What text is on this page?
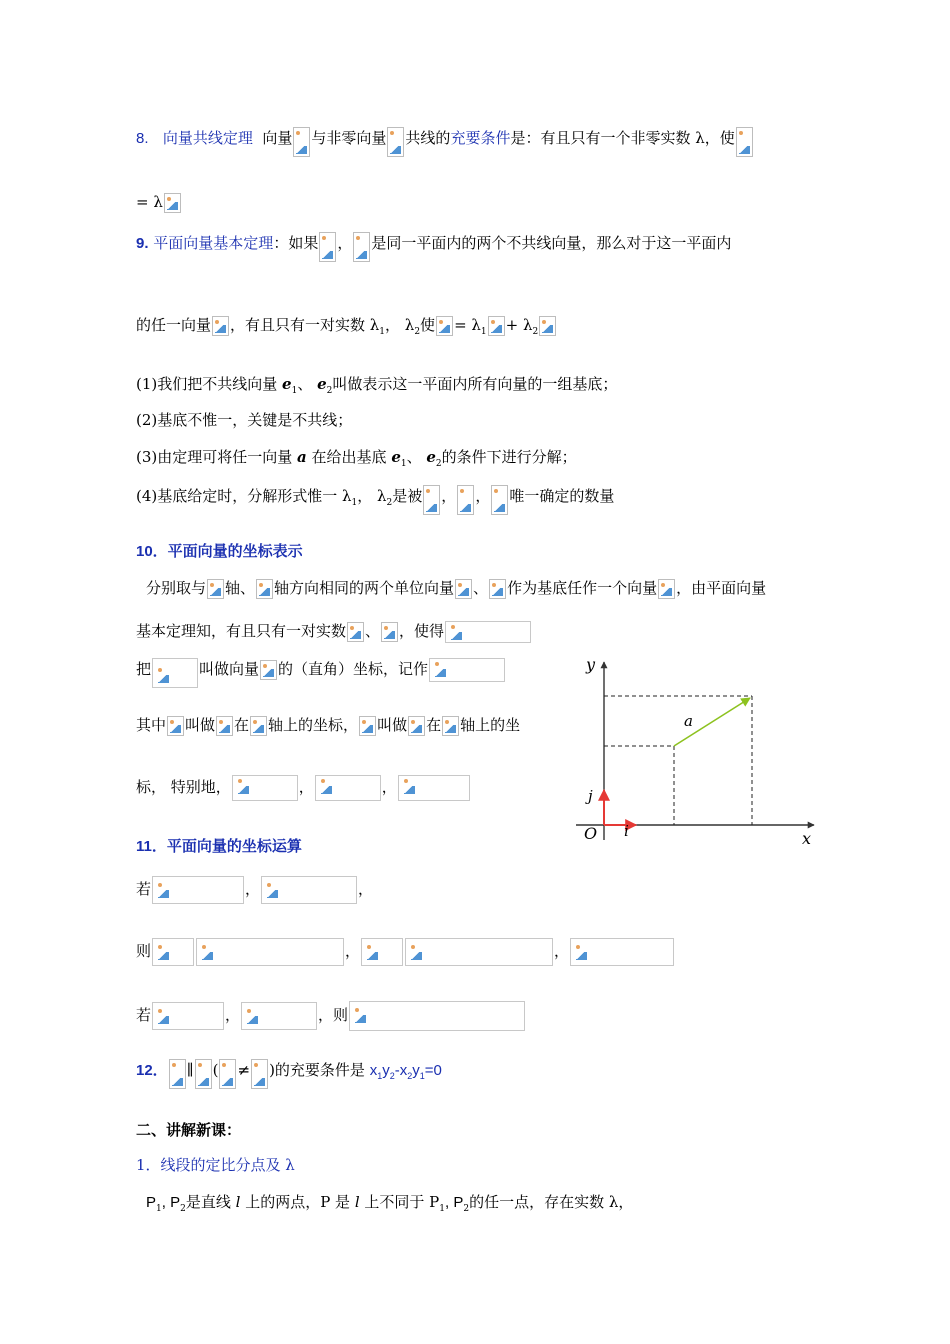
8. 向量共线定理 向量 与非零向量 共线的充要条件是：有且只有一个非零实数 λ，使
= λ
9. 平面向量基本定理：如果 ， 是同一平面内的两个不共线向量，那么对于这一平面内
的任一向量 ，有且只有一对实数 $\lambda_1$， $\lambda_2$使 = $\lambda_1 + \lambda_2$
(1)我们把不共线向量 $e_1$、 $e_2$叫做表示这一平面内所有向量的一组基底；
(2)基底不惟一，关键是不共线；
(3)由定理可将任一向量 a 在给出基底 $e_1$、 $e_2$的条件下进行分解；
(4)基底给定时，分解形式惟一 $\lambda_1$， $\lambda_2$是被 ， ， 唯一确定的数量
10．平面向量的坐标表示
分别取与 轴、 轴方向相同的两个单位向量 、 作为基底任作一个向量 ，由平面向量
基本定理知，有且只有一对实数 、 ，使得
把	叫做向量 的（直角）坐标，记作
其中 叫做 在 轴上的坐标， 叫做 在 轴上的坐
标， 特别地，	，	，
y
x
O i
j
a
11．平面向量的坐标运算
若	，	，
则	，	，
若	，	，则
12． ∥ ( ≠ )的充要条件是 $x_1y_2-x_2y_1=0$
二、讲解新课：
1．线段的定比分点及 λ
$P_1$, $P_2$是直线 l 上的两点，P 是 l 上不同于 $P_1$, $P_2$的任一点，存在实数 λ，
